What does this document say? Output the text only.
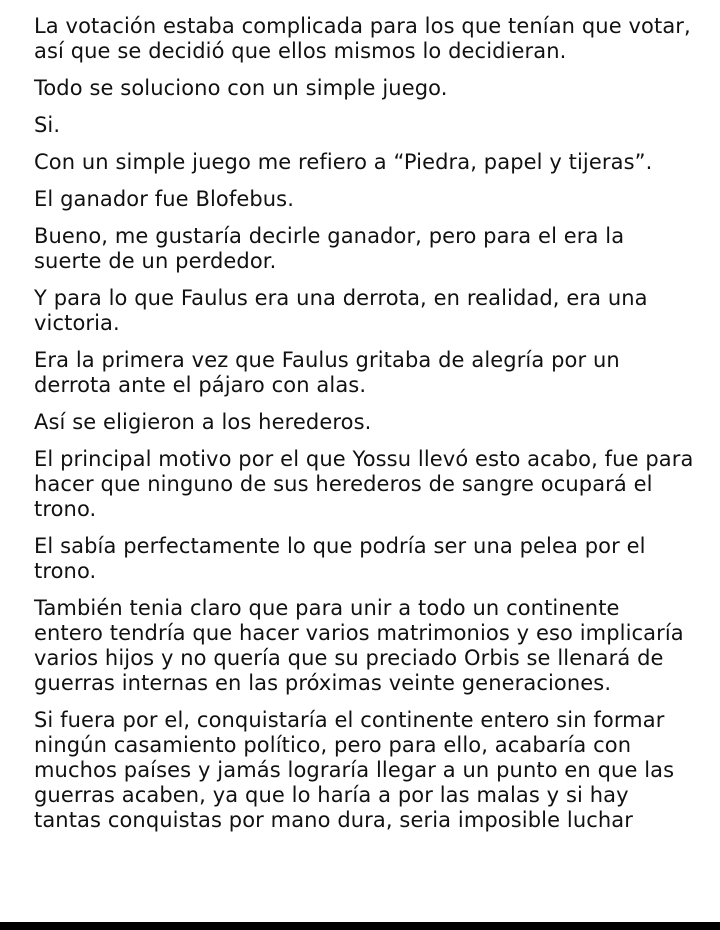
La votación estaba complicada para los que tenían que votar, así que se decidió que ellos mismos lo decidieran.

Todo se soluciono con un simple juego.

Si.

Con un simple juego me refiero a “Piedra, papel y tijeras”.

El ganador fue Blofebus.

Bueno, me gustaría decirle ganador, pero para el era la suerte de un perdedor.

Y para lo que Faulus era una derrota, en realidad, era una victoria.

Era la primera vez que Faulus gritaba de alegría por un derrota ante el pájaro con alas.

Así se eligieron a los herederos.

El principal motivo por el que Yossu llevó esto acabo, fue para hacer que ninguno de sus herederos de sangre ocupará el trono.

El sabía perfectamente lo que podría ser una pelea por el trono.

También tenia claro que para unir a todo un continente entero tendría que hacer varios matrimonios y eso implicaría varios hijos y no quería que su preciado Orbis se llenará de guerras internas en las próximas veinte generaciones.

Si fuera por el, conquistaría el continente entero sin formar ningún casamiento político, pero para ello, acabaría con muchos países y jamás lograría llegar a un punto en que las guerras acaben, ya que lo haría a por las malas y si hay tantas conquistas por mano dura, seria imposible luchar
